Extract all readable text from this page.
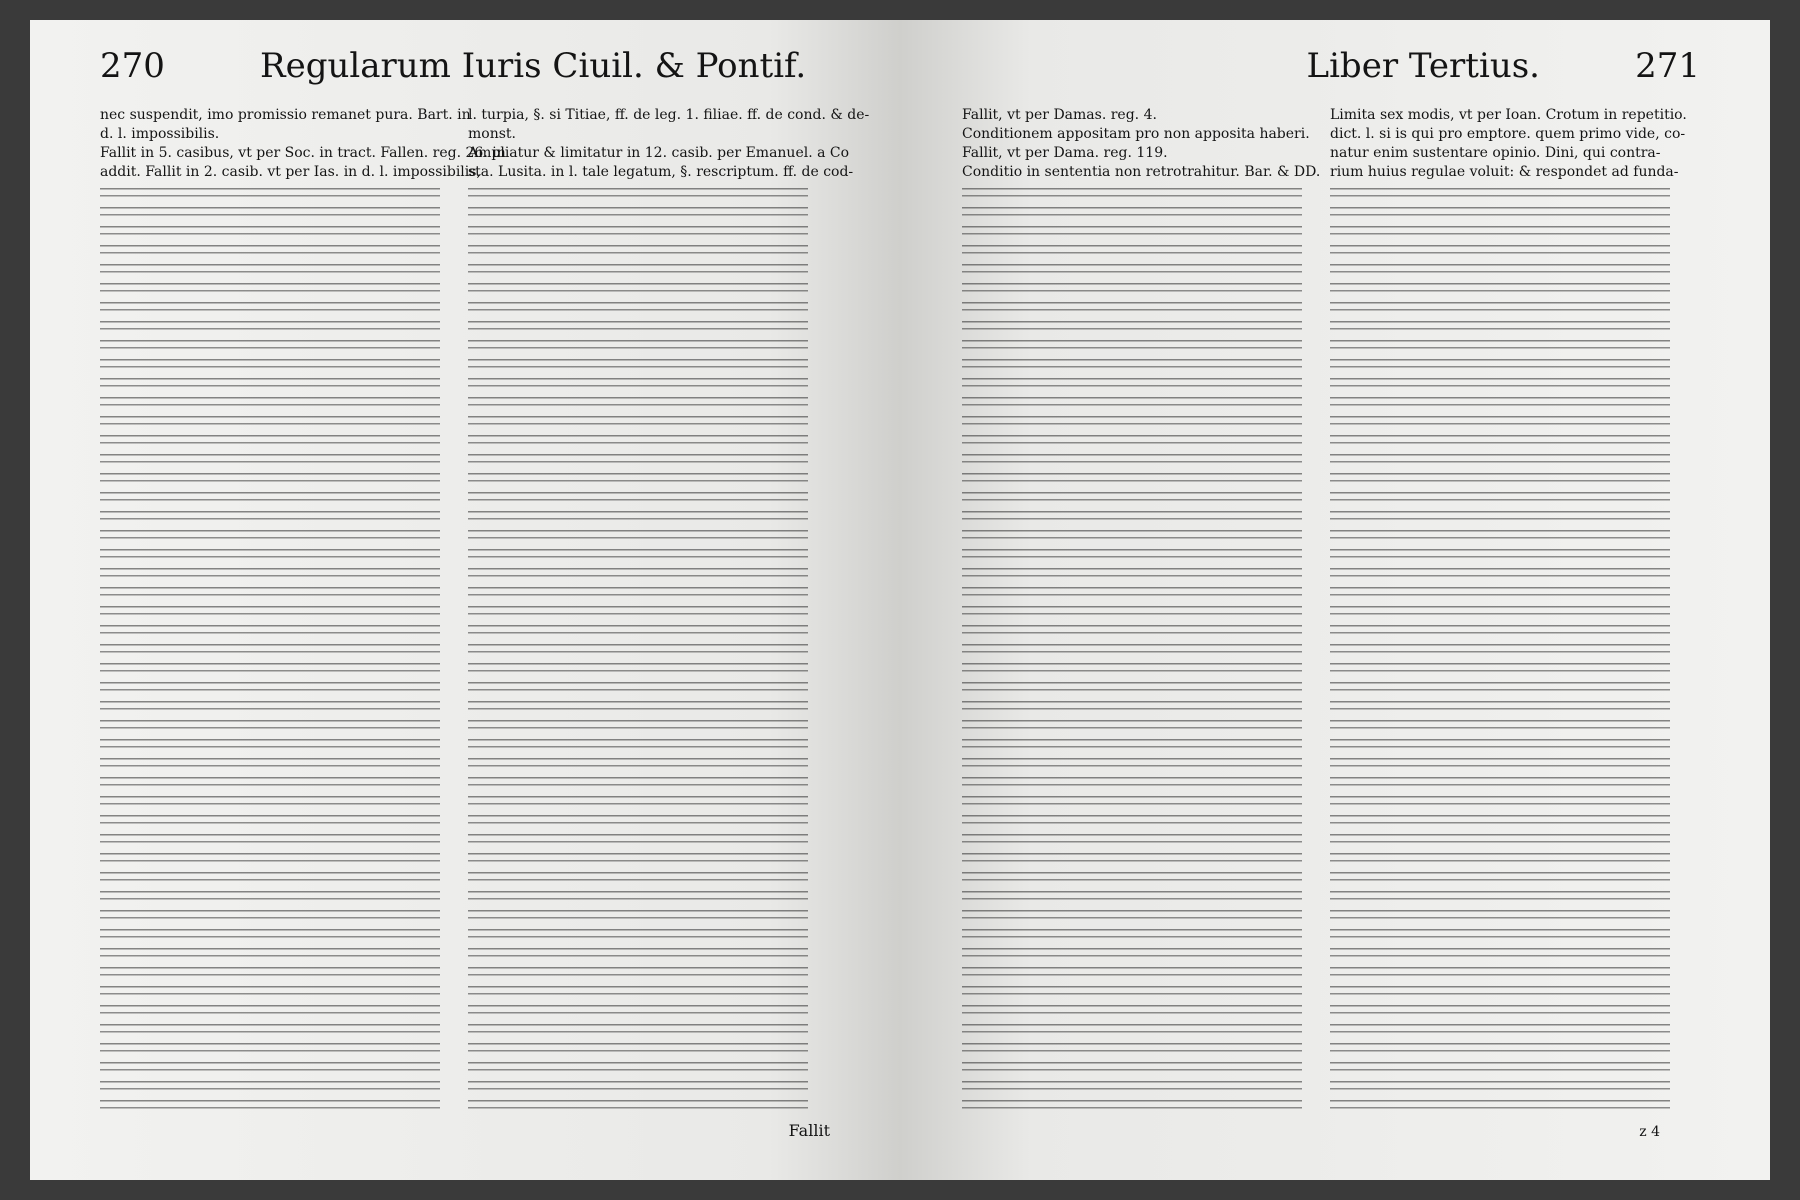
270	Regularum Iuris Ciuil. & Pontif.
nec suspendit, imo promissio remanet pura. Bart. in
d. l. impossibilis.
Fallit in 5. casibus, vt per Soc. in tract. Fallen. reg. 26. in
addit. Fallit in 2. casib. vt per Ias. in d. l. impossibilis,
l. turpia, §. si Titiae, ff. de leg. 1. filiae. ff. de cond. & de-
monst.
Ampliatur & limitatur in 12. casib. per Emanuel. a Co
sta. Lusita. in l. tale legatum, §. rescriptum. ff. de cod-
Fallit
Liber Tertius.	271
Fallit, vt per Damas. reg. 4.
Conditionem appositam pro non apposita haberi.
Fallit, vt per Dama. reg. 119.
Conditio in sententia non retrotrahitur. Bar. & DD.
Limita sex modis, vt per Ioan. Crotum in repetitio.
dict. l. si is qui pro emptore. quem primo vide, co-
natur enim sustentare opinio. Dini, qui contra-
rium huius regulae voluit: & respondet ad funda-
z 4
